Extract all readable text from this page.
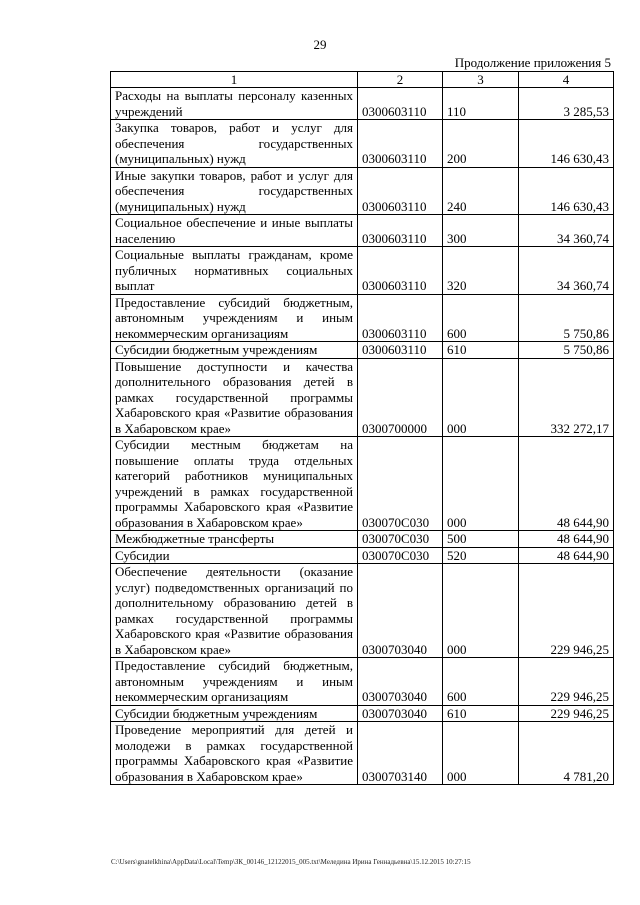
29
Продолжение приложения 5
1	2	3	4
Расходы на выплаты персоналу казенных учреждений	0300603110	110	3 285,53
Закупка товаров, работ и услуг для обеспечения государственных (муниципальных) нужд	0300603110	200	146 630,43
Иные закупки товаров, работ и услуг для обеспечения государственных (муниципальных) нужд	0300603110	240	146 630,43
Социальное обеспечение и иные выплаты населению	0300603110	300	34 360,74
Социальные выплаты гражданам, кроме публичных нормативных социальных выплат	0300603110	320	34 360,74
Предоставление субсидий бюджетным, автономным учреждениям и иным некоммерческим организациям	0300603110	600	5 750,86
Субсидии бюджетным учреждениям	0300603110	610	5 750,86
Повышение доступности и качества дополнительного образования детей в рамках государственной программы Хабаровского края «Развитие образования в Хабаровском крае»	0300700000	000	332 272,17
Субсидии местным бюджетам на повышение оплаты труда отдельных категорий работников муниципальных учреждений в рамках государственной программы Хабаровского края «Развитие образования в Хабаровском крае»	030070С030	000	48 644,90
Межбюджетные трансферты	030070С030	500	48 644,90
Субсидии	030070С030	520	48 644,90
Обеспечение деятельности (оказание услуг) подведомственных организаций по дополнительному образованию детей в рамках государственной программы Хабаровского края «Развитие образования в Хабаровском крае»	0300703040	000	229 946,25
Предоставление субсидий бюджетным, автономным учреждениям и иным некоммерческим организациям	0300703040	600	229 946,25
Субсидии бюджетным учреждениям	0300703040	610	229 946,25
Проведение мероприятий для детей и молодежи в рамках государственной программы Хабаровского края «Развитие образования в Хабаровском крае»	0300703140	000	4 781,20
C:\Users\gnatelkhina\AppData\Local\Temp\ЗК_00146_12122015_005.txt\Меледина Ирина Геннадьевна\15.12.2015 10:27:15
